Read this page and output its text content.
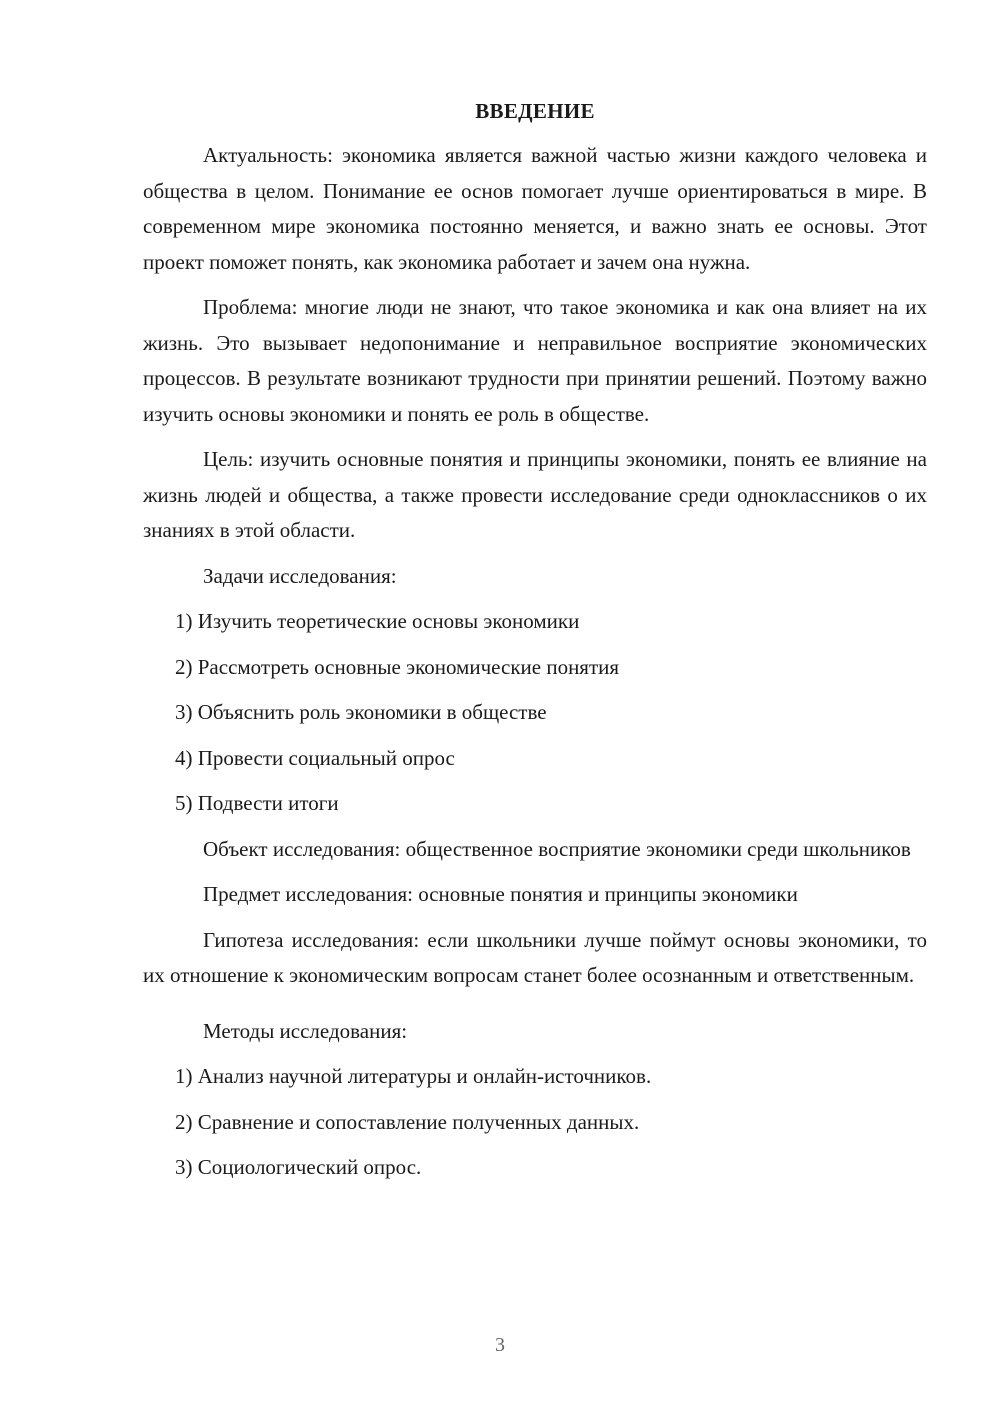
ВВЕДЕНИЕ

Актуальность: экономика является важной частью жизни каждого человека и общества в целом. Понимание ее основ помогает лучше ориентироваться в мире. В современном мире экономика постоянно меняется, и важно знать ее основы. Этот проект поможет понять, как экономика работает и зачем она нужна.

Проблема: многие люди не знают, что такое экономика и как она влияет на их жизнь. Это вызывает недопонимание и неправильное восприятие экономических процессов. В результате возникают трудности при принятии решений. Поэтому важно изучить основы экономики и понять ее роль в обществе.

Цель: изучить основные понятия и принципы экономики, понять ее влияние на жизнь людей и общества, а также провести исследование среди одноклассников о их знаниях в этой области.

Задачи исследования:

1) Изучить теоретические основы экономики
2) Рассмотреть основные экономические понятия
3) Объяснить роль экономики в обществе
4) Провести социальный опрос
5) Подвести итоги

Объект исследования: общественное восприятие экономики среди школьников

Предмет исследования: основные понятия и принципы экономики

Гипотеза исследования: если школьники лучше поймут основы экономики, то их отношение к экономическим вопросам станет более осознанным и ответственным.

Методы исследования:

1) Анализ научной литературы и онлайн-источников.
2) Сравнение и сопоставление полученных данных.
3) Социологический опрос.
3
